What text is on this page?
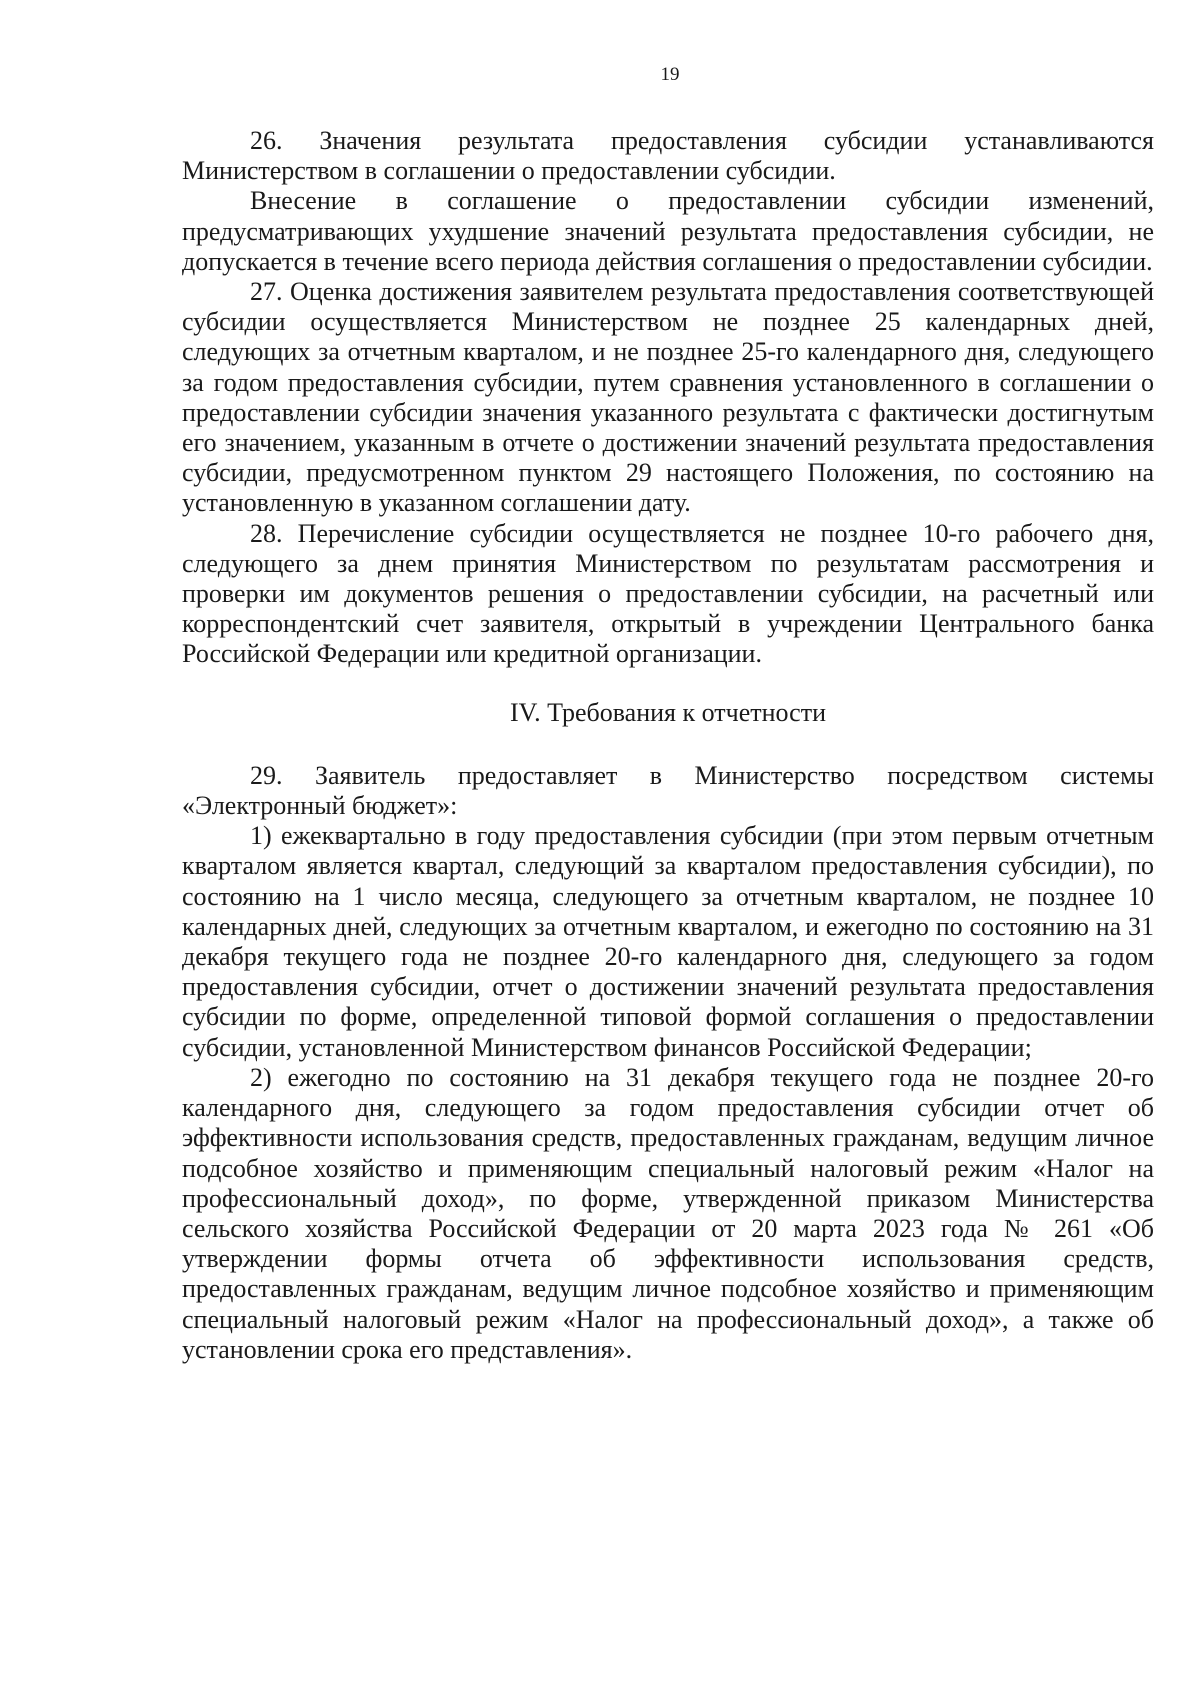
19

26. Значения результата предоставления субсидии устанавливаются Министерством в соглашении о предоставлении субсидии.

Внесение в соглашение о предоставлении субсидии изменений, предусматривающих ухудшение значений результата предоставления субсидии, не допускается в течение всего периода действия соглашения о предоставлении субсидии.

27. Оценка достижения заявителем результата предоставления соответствующей субсидии осуществляется Министерством не позднее 25 календарных дней, следующих за отчетным кварталом, и не позднее 25-го календарного дня, следующего за годом предоставления субсидии, путем сравнения установленного в соглашении о предоставлении субсидии значения указанного результата с фактически достигнутым его значением, указанным в отчете о достижении значений результата предоставления субсидии, предусмотренном пунктом 29 настоящего Положения, по состоянию на установленную в указанном соглашении дату.

28. Перечисление субсидии осуществляется не позднее 10-го рабочего дня, следующего за днем принятия Министерством по результатам рассмотрения и проверки им документов решения о предоставлении субсидии, на расчетный или корреспондентский счет заявителя, открытый в учреждении Центрального банка Российской Федерации или кредитной организации.

IV. Требования к отчетности

29. Заявитель предоставляет в Министерство посредством системы «Электронный бюджет»:

1) ежеквартально в году предоставления субсидии (при этом первым отчетным кварталом является квартал, следующий за кварталом предоставления субсидии), по состоянию на 1 число месяца, следующего за отчетным кварталом, не позднее 10 календарных дней, следующих за отчетным кварталом, и ежегодно по состоянию на 31 декабря текущего года не позднее 20-го календарного дня, следующего за годом предоставления субсидии, отчет о достижении значений результата предоставления субсидии по форме, определенной типовой формой соглашения о предоставлении субсидии, установленной Министерством финансов Российской Федерации;

2) ежегодно по состоянию на 31 декабря текущего года не позднее 20-го календарного дня, следующего за годом предоставления субсидии отчет об эффективности использования средств, предоставленных гражданам, ведущим личное подсобное хозяйство и применяющим специальный налоговый режим «Налог на профессиональный доход», по форме, утвержденной приказом Министерства сельского хозяйства Российской Федерации от 20 марта 2023 года № 261 «Об утверждении формы отчета об эффективности использования средств, предоставленных гражданам, ведущим личное подсобное хозяйство и применяющим специальный налоговый режим «Налог на профессиональный доход», а также об установлении срока его представления».
